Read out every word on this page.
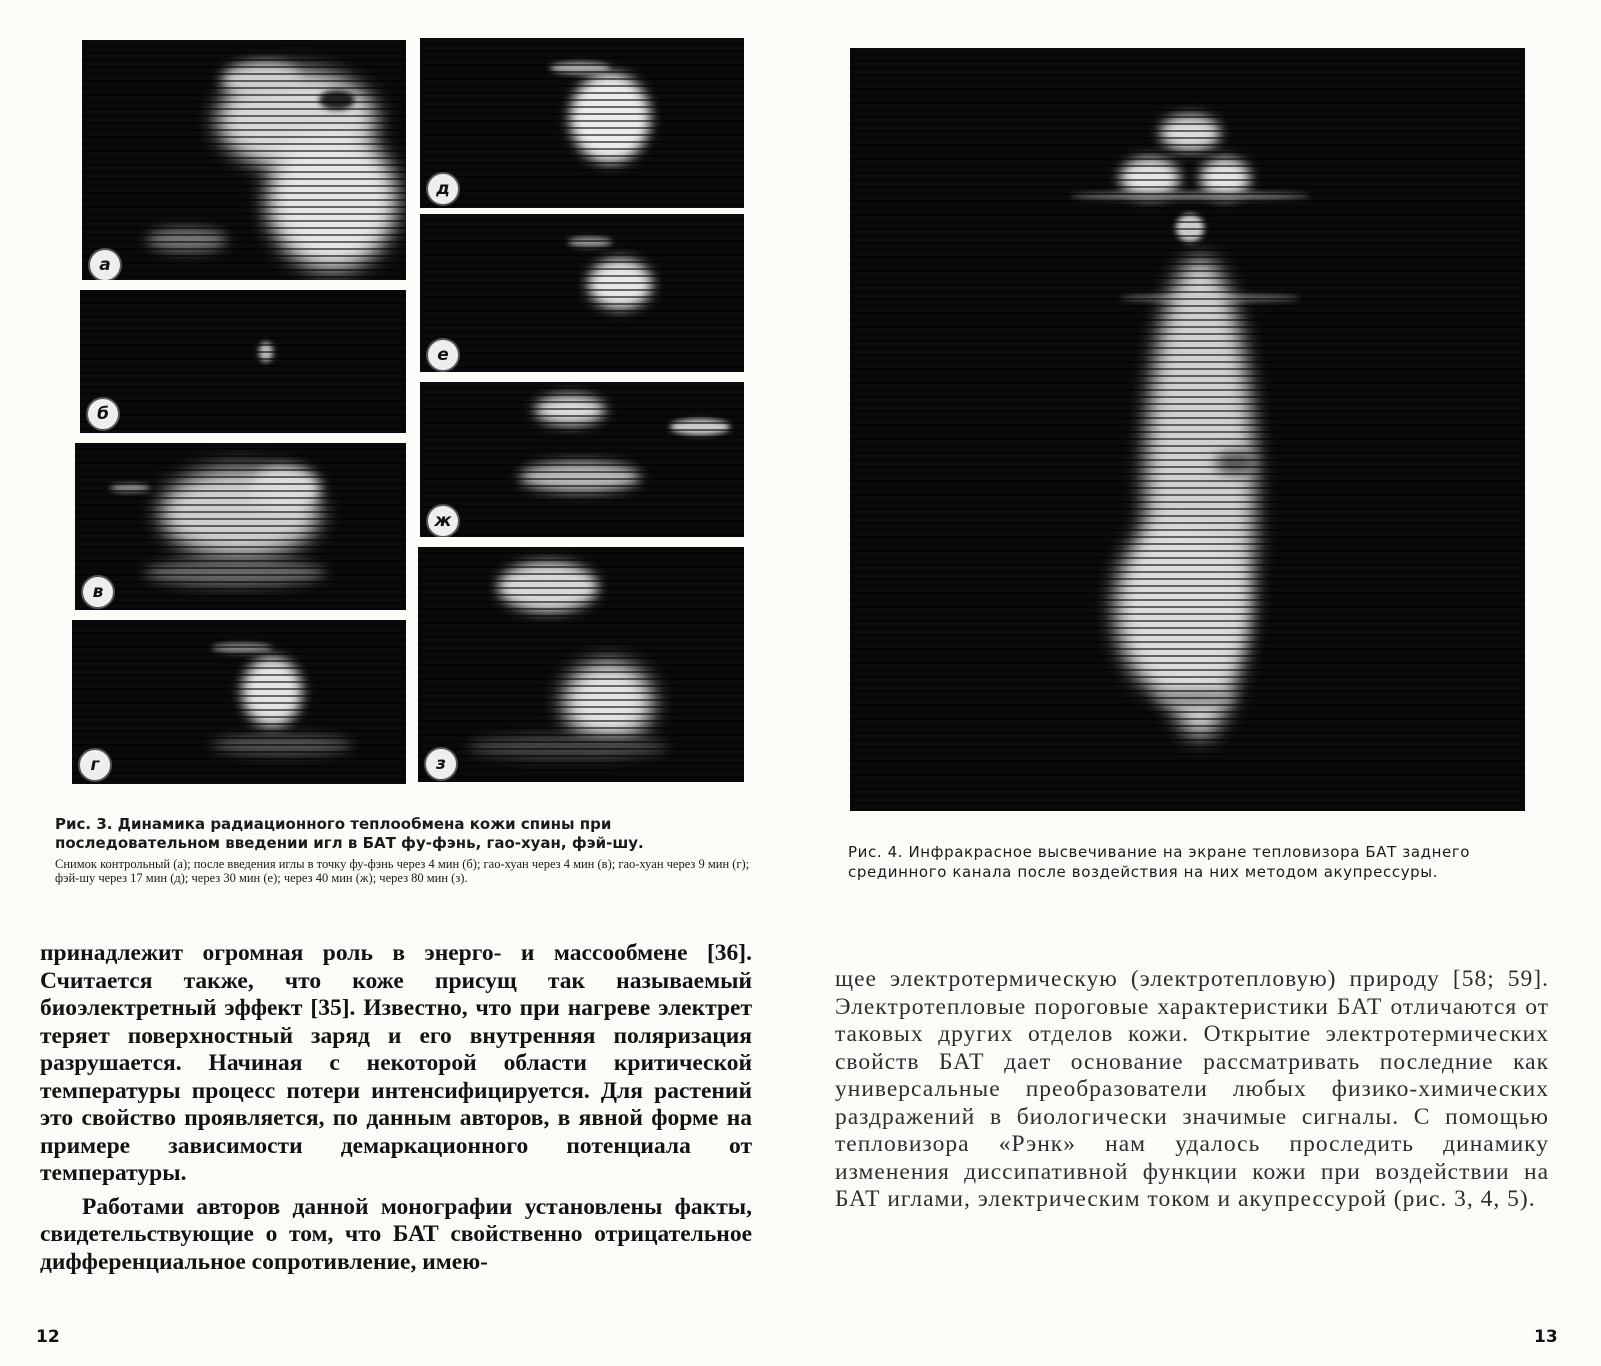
а
б
в
г
д
е
ж
з
Рис. 3. Динамика радиационного теплообмена кожи спины при последовательном введении игл в БАТ фу-фэнь, гао-хуан, фэй-шу.
Снимок контрольный (а); после введения иглы в точку фу-фэнь через 4 мин (б); гао-хуан через 4 мин (в); гао-хуан через 9 мин (г); фэй-шу через 17 мин (д); через 30 мин (е); через 40 мин (ж); через 80 мин (з).

принадлежит огромная роль в энерго- и массообмене [36]. Считается также, что коже присущ так называемый биоэлектретный эффект [35]. Известно, что при нагреве электрет теряет поверхностный заряд и его внутренняя поляризация разрушается. Начиная с некоторой области критической температуры процесс потери интенсифицируется. Для растений это свойство проявляется, по данным авторов, в явной форме на примере зависимости демаркационного потенциала от температуры.

Работами авторов данной монографии установлены факты, свидетельствующие о том, что БАТ свойственно отрицательное дифференциальное сопротивление, имею-

12
Рис. 4. Инфракрасное высвечивание на экране тепловизора БАТ заднего срединного канала после воздействия на них методом акупрессуры.

щее электротермическую (электротепловую) природу [58; 59]. Электротепловые пороговые характеристики БАТ отличаются от таковых других отделов кожи. Открытие электротермических свойств БАТ дает основание рассматривать последние как универсальные преобразователи любых физико-химических раздражений в биологически значимые сигналы. С помощью тепловизора «Рэнк» нам удалось проследить динамику изменения диссипативной функции кожи при воздействии на БАТ иглами, электрическим током и акупрессурой (рис. 3, 4, 5).

13
